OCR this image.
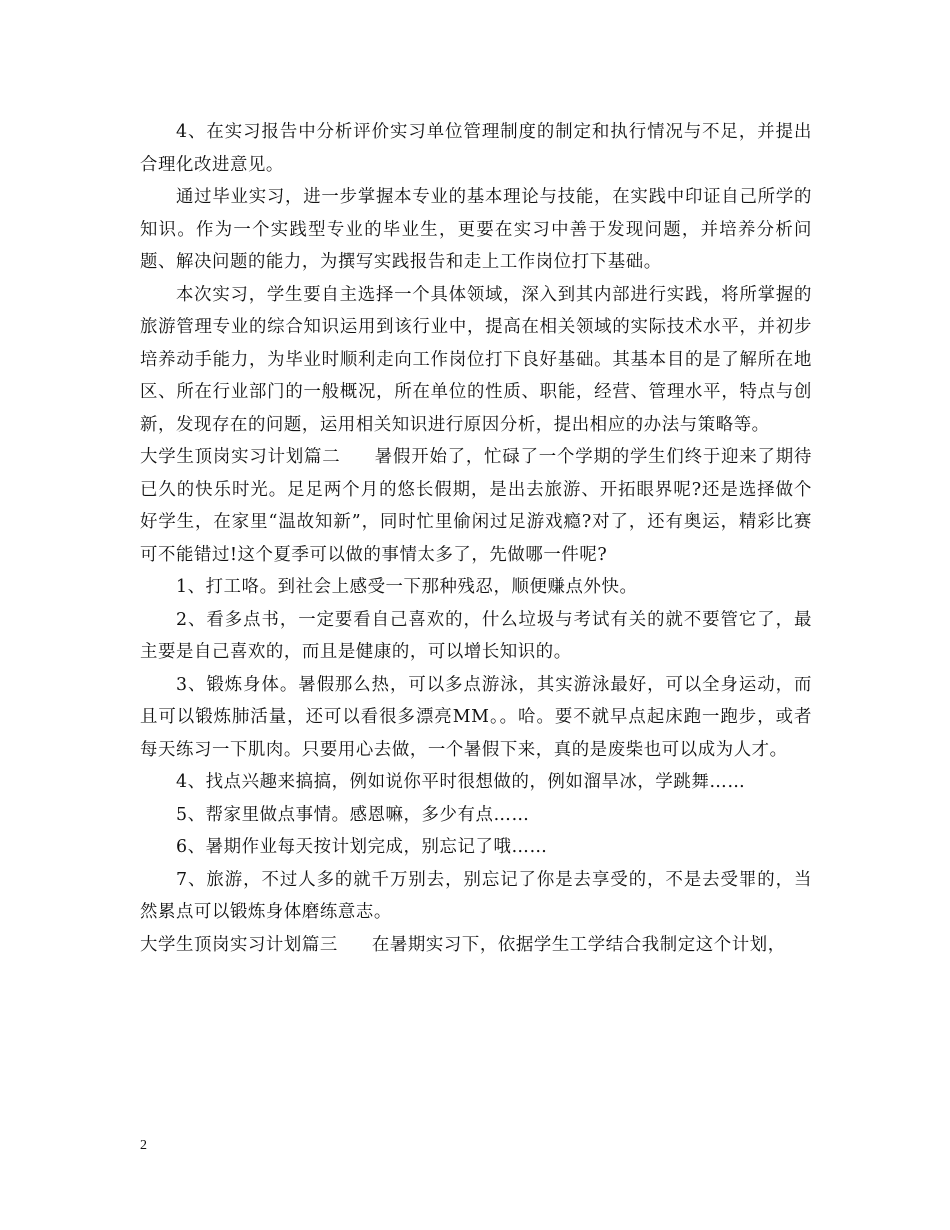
4、在实习报告中分析评价实习单位管理制度的制定和执行情况与不足，并提出合理化改进意见。

通过毕业实习，进一步掌握本专业的基本理论与技能，在实践中印证自己所学的知识。作为一个实践型专业的毕业生，更要在实习中善于发现问题，并培养分析问题、解决问题的能力，为撰写实践报告和走上工作岗位打下基础。

本次实习，学生要自主选择一个具体领域，深入到其内部进行实践，将所掌握的旅游管理专业的综合知识运用到该行业中，提高在相关领域的实际技术水平，并初步培养动手能力，为毕业时顺利走向工作岗位打下良好基础。其基本目的是了解所在地区、所在行业部门的一般概况，所在单位的性质、职能，经营、管理水平，特点与创新，发现存在的问题，运用相关知识进行原因分析，提出相应的办法与策略等。

大学生顶岗实习计划篇二 暑假开始了，忙碌了一个学期的学生们终于迎来了期待已久的快乐时光。足足两个月的悠长假期，是出去旅游、开拓眼界呢?还是选择做个好学生，在家里“温故知新”，同时忙里偷闲过足游戏瘾?对了，还有奥运，精彩比赛可不能错过!这个夏季可以做的事情太多了，先做哪一件呢?

1、打工咯。到社会上感受一下那种残忍，顺便赚点外快。

2、看多点书，一定要看自己喜欢的，什么垃圾与考试有关的就不要管它了，最主要是自己喜欢的，而且是健康的，可以增长知识的。

3、锻炼身体。暑假那么热，可以多点游泳，其实游泳最好，可以全身运动，而且可以锻炼肺活量，还可以看很多漂亮MM。。哈。要不就早点起床跑一跑步，或者每天练习一下肌肉。只要用心去做，一个暑假下来，真的是废柴也可以成为人才。

4、找点兴趣来搞搞，例如说你平时很想做的，例如溜旱冰，学跳舞……

5、帮家里做点事情。感恩嘛，多少有点……

6、暑期作业每天按计划完成，别忘记了哦……

7、旅游，不过人多的就千万别去，别忘记了你是去享受的，不是去受罪的，当然累点可以锻炼身体磨练意志。

大学生顶岗实习计划篇三 在暑期实习下，依据学生工学结合我制定这个计划，

2
